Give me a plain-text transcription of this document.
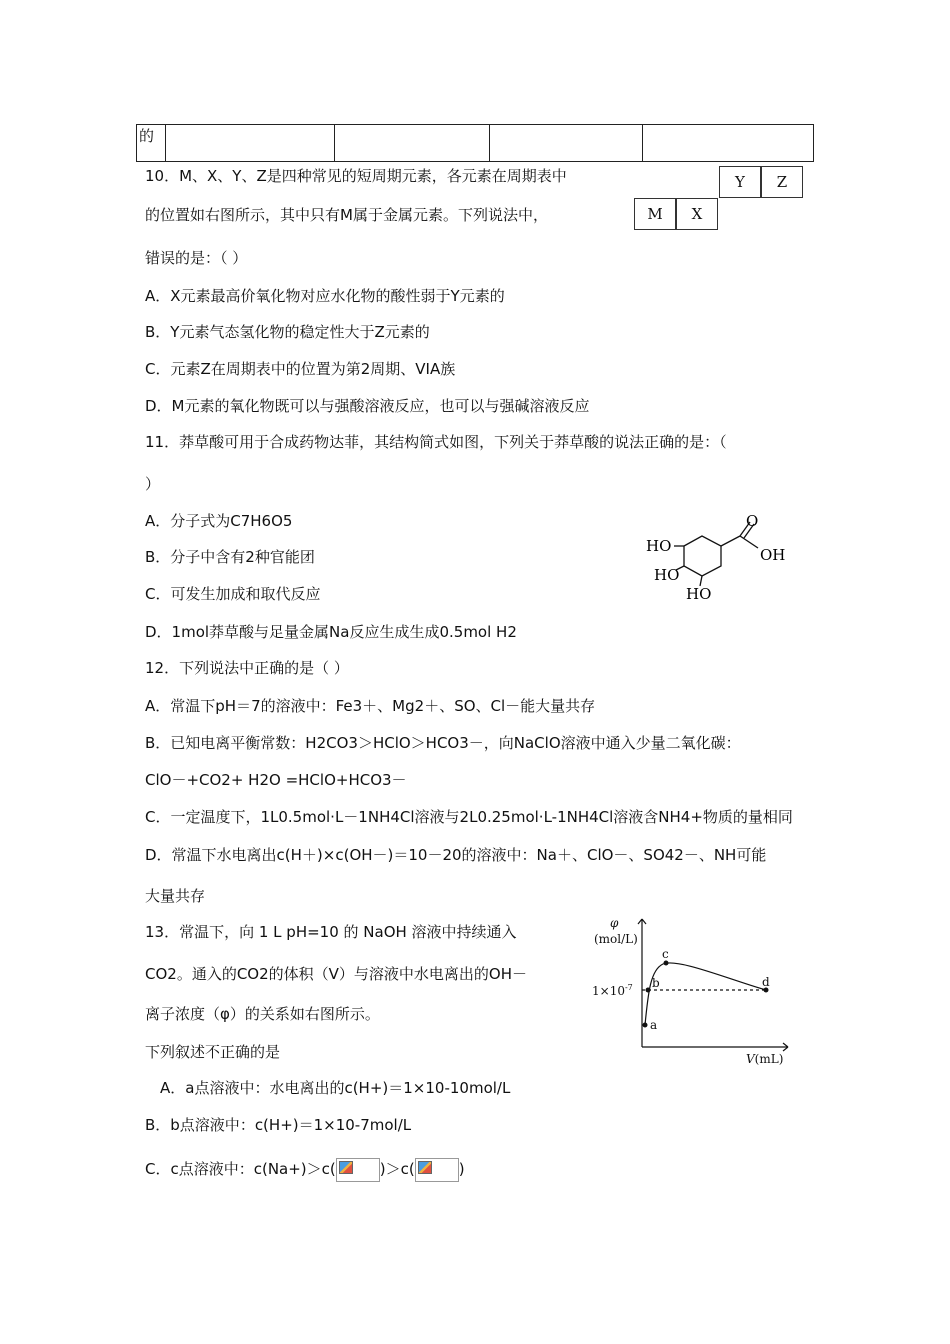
的				
10．M、X、Y、Z是四种常见的短周期元素，各元素在周期表中
的位置如右图所示，其中只有M属于金属元素。下列说法中，
错误的是：（ ）
A．X元素最高价氧化物对应水化物的酸性弱于Y元素的
B．Y元素气态氢化物的稳定性大于Z元素的
C．元素Z在周期表中的位置为第2周期、VIA族
D．M元素的氧化物既可以与强酸溶液反应，也可以与强碱溶液反应
Y	Z
M	X
11．莽草酸可用于合成药物达菲，其结构简式如图，下列关于莽草酸的说法正确的是：（
）
A．分子式为C7H6O5
B．分子中含有2种官能团
C．可发生加成和取代反应
D．1mol莽草酸与足量金属Na反应生成生成0.5mol H2
O
OH
HO
HO
HO
12．下列说法中正确的是（ ）
A．常温下pH＝7的溶液中：Fe3＋、Mg2＋、SO、Cl－能大量共存
B．已知电离平衡常数：H2CO3＞HClO＞HCO3－，向NaClO溶液中通入少量二氧化碳：
ClO－+CO2+ H2O =HClO+HCO3－
C．一定温度下，1L0.5mol·L－1NH4Cl溶液与2L0.25mol·L-1NH4Cl溶液含NH4+物质的量相同
D．常温下水电离出c(H＋)×c(OH－)＝10－20的溶液中：Na＋、ClO－、SO42－、NH可能
大量共存
13．常温下，向 1 L pH=10 的 NaOH 溶液中持续通入
CO2。通入的CO2的体积（V）与溶液中水电离出的OH－
离子浓度（φ）的关系如右图所示。
下列叙述不正确的是
A．a点溶液中：水电离出的c(H+)＝1×10-10mol/L
B．b点溶液中：c(H+)＝1×10-7mol/L
C．c点溶液中：c(Na+)＞c(	)＞c(	)
φ
(mol/L)
$1\times 10^{-7}$
V(mL)
a
b
c
d
